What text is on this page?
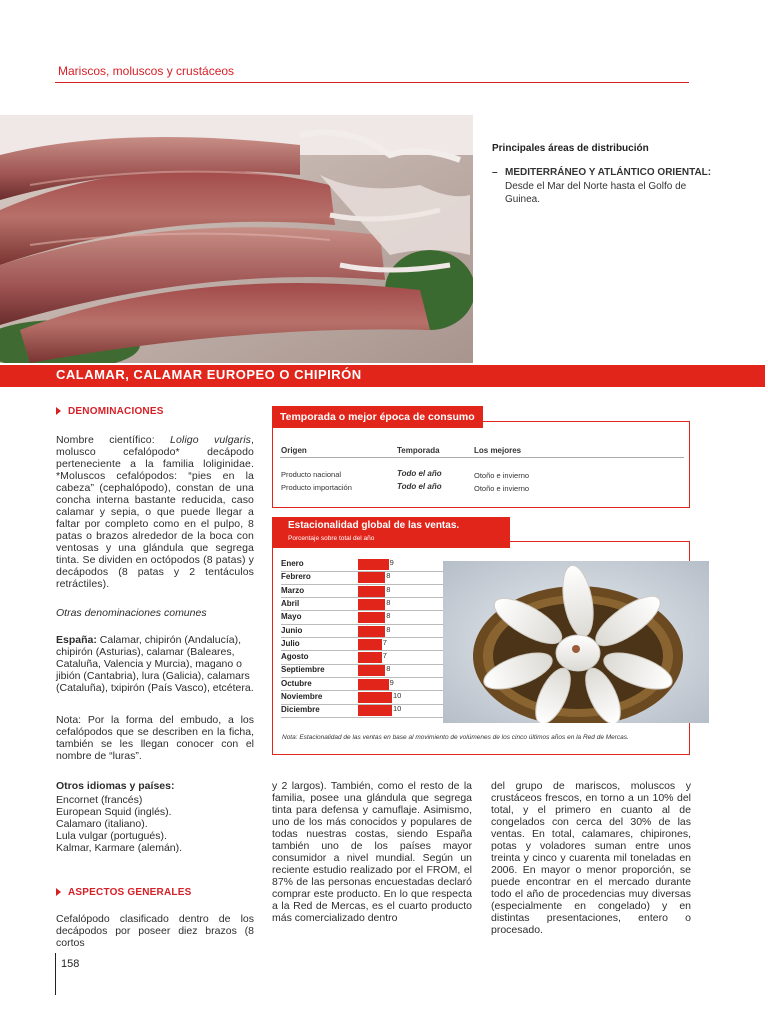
Mariscos, moluscos y crustáceos
Principales áreas de distribución
– MEDITERRÁNEO Y ATLÁNTICO ORIENTAL: Desde el Mar del Norte hasta el Golfo de Guinea.
CALAMAR, CALAMAR EUROPEO O CHIPIRÓN
DENOMINACIONES

Nombre científico: Loligo vulgaris, molusco cefalópodo* decápodo perteneciente a la familia loliginidae. *Moluscos cefalópodos: “pies en la cabeza” (cephalópodo), constan de una concha interna bastante reducida, caso calamar y sepia, o que puede llegar a faltar por completo como en el pulpo, 8 patas o brazos alrededor de la boca con ventosas y una glándula que segrega tinta. Se dividen en octópodos (8 patas) y decápodos (8 patas y 2 tentáculos retráctiles).

Otras denominaciones comunes

España: Calamar, chipirón (Andalucía), chipirón (Asturias), calamar (Baleares, Cataluña, Valencia y Murcia), magano o jibión (Cantabria), lura (Galicia), calamars (Cataluña), txipirón (País Vasco), etcétera.

Nota: Por la forma del embudo, a los cefalópodos que se describen en la ficha, también se les llegan conocer con el nombre de “luras”.
Otros idiomas y países:
Encornet (francés)
European Squid (inglés).
Calamaro (italiano).
Lula vulgar (portugués).
Kalmar, Karmare (alemán).
ASPECTOS GENERALES
Cefalópodo clasificado dentro de los decápodos por poseer diez brazos (8 cortos
y 2 largos). También, como el resto de la familia, posee una glándula que segrega tinta para defensa y camuflaje. Asimismo, uno de los más conocidos y populares de todas nuestras costas, siendo España también uno de los países mayor consumidor a nivel mundial. Según un reciente estudio realizado por el FROM, el 87% de las personas encuestadas declaró comprar este producto. En lo que respecta a la Red de Mercas, es el cuarto producto más comercializado dentro
del grupo de mariscos, moluscos y crustáceos frescos, en torno a un 10% del total, y el primero en cuanto al de congelados con cerca del 30% de las ventas. En total, calamares, chipirones, potas y voladores suman entre unos treinta y cinco y cuarenta mil toneladas en 2006. En mayor o menor proporción, se puede encontrar en el mercado durante todo el año de procedencias muy diversas (especialmente en congelado) y en distintas presentaciones, entero o procesado.
Temporada o mejor época de consumo
Origen	Temporada	Los mejores
Producto nacional	Todo el año	Otoño e invierno
Producto importación	Todo el año	Otoño e invierno
Estacionalidad global de las ventas.
Porcentaje sobre total del año
Enero	9
Febrero	8
Marzo	8
Abril	8
Mayo	8
Junio	8
Julio	7
Agosto	7
Septiembre	8
Octubre	9
Noviembre	10
Diciembre	10
Nota: Estacionalidad de las ventas en base al movimiento de volúmenes de los cinco últimos años en la Red de Mercas.
158
